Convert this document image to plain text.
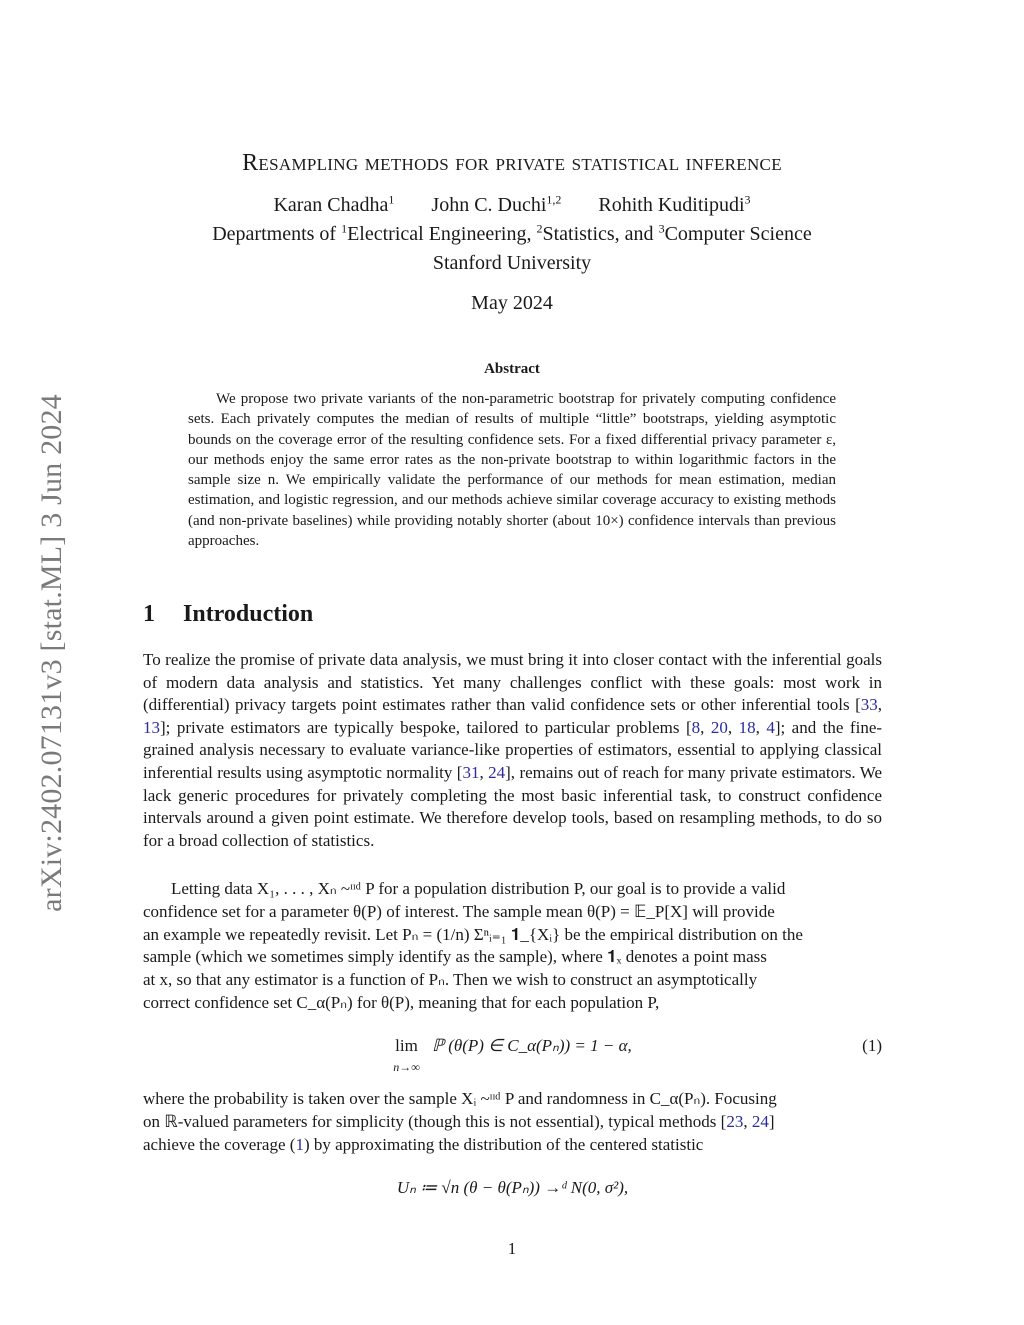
arXiv:2402.07131v3 [stat.ML] 3 Jun 2024
Resampling methods for private statistical inference
Karan Chadha$^1$ John C. Duchi$^{1,2}$ Rohith Kuditipudi$^3$
Departments of $^1$Electrical Engineering, $^2$Statistics, and $^3$Computer Science
Stanford University
May 2024
Abstract

We propose two private variants of the non-parametric bootstrap for privately computing confidence sets. Each privately computes the median of results of multiple “little” bootstraps, yielding asymptotic bounds on the coverage error of the resulting confidence sets. For a fixed differential privacy parameter ε, our methods enjoy the same error rates as the non-private bootstrap to within logarithmic factors in the sample size n. We empirically validate the performance of our methods for mean estimation, median estimation, and logistic regression, and our methods achieve similar coverage accuracy to existing methods (and non-private baselines) while providing notably shorter (about 10×) confidence intervals than previous approaches.

1 Introduction

To realize the promise of private data analysis, we must bring it into closer contact with the inferential goals of modern data analysis and statistics. Yet many challenges conflict with these goals: most work in (differential) privacy targets point estimates rather than valid confidence sets or other inferential tools [33, 13]; private estimators are typically bespoke, tailored to particular problems [8, 20, 18, 4]; and the fine-grained analysis necessary to evaluate variance-like properties of estimators, essential to applying classical inferential results using asymptotic normality [31, 24], remains out of reach for many private estimators. We lack generic procedures for privately completing the most basic inferential task, to construct confidence intervals around a given point estimate. We therefore develop tools, based on resampling methods, to do so for a broad collection of statistics.

Letting data X₁, . . . , Xₙ ~ᶦᶦᵈ P for a population distribution P, our goal is to provide a valid
confidence set for a parameter θ(P) of interest. The sample mean θ(P) = 𝔼_P[X] will provide
an example we repeatedly revisit. Let Pₙ = (1/n) Σⁿᵢ₌₁ 𝟏_{Xᵢ} be the empirical distribution on the
sample (which we sometimes simply identify as the sample), where 𝟏ₓ denotes a point mass
at x, so that any estimator is a function of Pₙ. Then we wish to construct an asymptotically
correct confidence set C_α(Pₙ) for θ(P), meaning that for each population P,
lim
n→∞ ℙ (θ(P) ∈ C_α(Pₙ)) = 1 − α,	(1)
where the probability is taken over the sample Xᵢ ~ᶦᶦᵈ P and randomness in C_α(Pₙ). Focusing
on ℝ-valued parameters for simplicity (though this is not essential), typical methods [23, 24]
achieve the coverage (1) by approximating the distribution of the centered statistic
Uₙ ≔ √n (θ − θ(Pₙ)) →ᵈ N(0, σ²),
1
